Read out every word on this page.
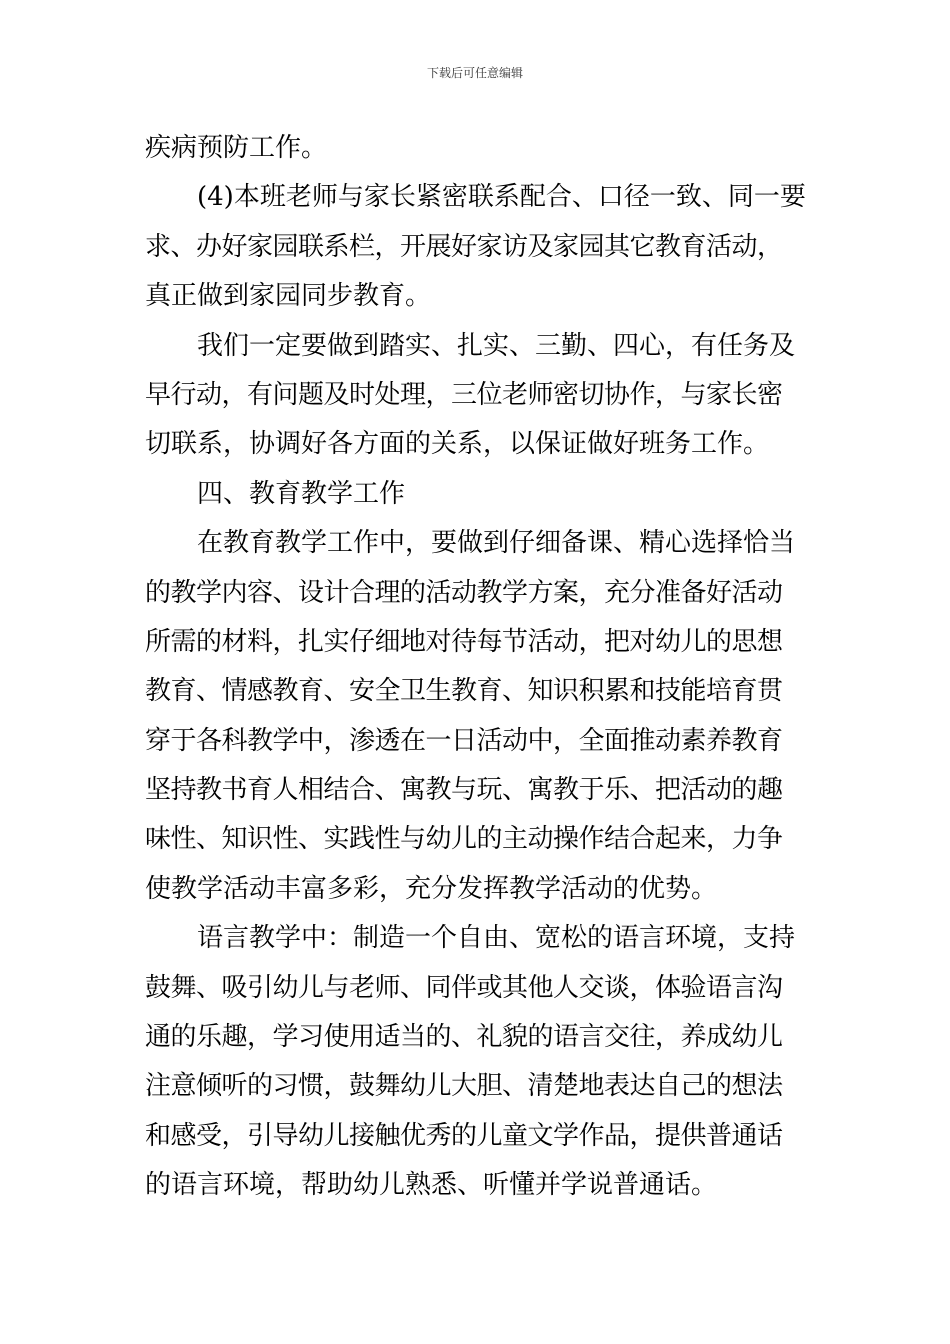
下载后可任意编辑
疾病预防工作。
(4)本班老师与家长紧密联系配合、口径一致、同一要
求、办好家园联系栏，开展好家访及家园其它教育活动，
真正做到家园同步教育。
我们一定要做到踏实、扎实、三勤、四心，有任务及
早行动，有问题及时处理，三位老师密切协作，与家长密
切联系，协调好各方面的关系，以保证做好班务工作。
四、教育教学工作
在教育教学工作中，要做到仔细备课、精心选择恰当
的教学内容、设计合理的活动教学方案，充分准备好活动
所需的材料，扎实仔细地对待每节活动，把对幼儿的思想
教育、情感教育、安全卫生教育、知识积累和技能培育贯
穿于各科教学中，渗透在一日活动中，全面推动素养教育
坚持教书育人相结合、寓教与玩、寓教于乐、把活动的趣
味性、知识性、实践性与幼儿的主动操作结合起来，力争
使教学活动丰富多彩，充分发挥教学活动的优势。
语言教学中：制造一个自由、宽松的语言环境，支持
鼓舞、吸引幼儿与老师、同伴或其他人交谈，体验语言沟
通的乐趣，学习使用适当的、礼貌的语言交往，养成幼儿
注意倾听的习惯，鼓舞幼儿大胆、清楚地表达自己的想法
和感受，引导幼儿接触优秀的儿童文学作品，提供普通话
的语言环境，帮助幼儿熟悉、听懂并学说普通话。
